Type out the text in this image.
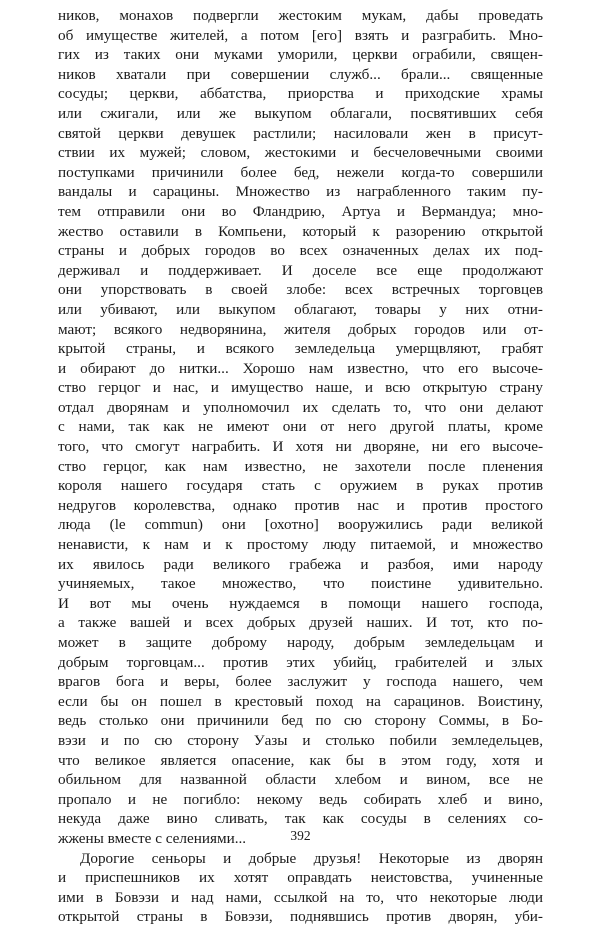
ников, монахов подвергли жестоким мукам, дабы проведать
об имуществе жителей, а потом [его] взять и разграбить. Мно-
гих из таких они муками уморили, церкви ограбили, священ-
ников хватали при совершении служб... брали... священные
сосуды; церкви, аббатства, приорства и приходские храмы
или сжигали, или же выкупом облагали, посвятивших себя
святой церкви девушек растлили; насиловали жен в присут-
ствии их мужей; словом, жестокими и бесчеловечными своими
поступками причинили более бед, нежели когда-то совершили
вандалы и сарацины. Множество из награбленного таким пу-
тем отправили они во Фландрию, Артуа и Вермандуа; мно-
жество оставили в Компьени, который к разорению открытой
страны и добрых городов во всех означенных делах их под-
держивал и поддерживает. И доселе все еще продолжают
они упорствовать в своей злобе: всех встречных торговцев
или убивают, или выкупом облагают, товары у них отни-
мают; всякого недворянина, жителя добрых городов или от-
крытой страны, и всякого земледельца умерщвляют, грабят
и обирают до нитки... Хорошо нам известно, что его высоче-
ство герцог и нас, и имущество наше, и всю открытую страну
отдал дворянам и уполномочил их сделать то, что они делают
с нами, так как не имеют они от него другой платы, кроме
того, что смогут награбить. И хотя ни дворяне, ни его высоче-
ство герцог, как нам известно, не захотели после пленения
короля нашего государя стать с оружием в руках против
недругов королевства, однако против нас и против простого
люда (le commun) они [охотно] вооружились ради великой
ненависти, к нам и к простому люду питаемой, и множество
их явилось ради великого грабежа и разбоя, ими народу
учиняемых, такое множество, что поистине удивительно.
И вот мы очень нуждаемся в помощи нашего господа,
а также вашей и всех добрых друзей наших. И тот, кто по-
может в защите доброму народу, добрым земледельцам и
добрым торговцам... против этих убийц, грабителей и злых
врагов бога и веры, более заслужит у господа нашего, чем
если бы он пошел в крестовый поход на сарацинов. Воистину,
ведь столько они причинили бед по сю сторону Соммы, в Бо-
вэзи и по сю сторону Уазы и столько побили земледельцев,
что великое является опасение, как бы в этом году, хотя и
обильном для названной области хлебом и вином, все не
пропало и не погибло: некому ведь собирать хлеб и вино,
некуда даже вино сливать, так как сосуды в селениях со-
жжены вместе с селениями...
Дорогие сеньоры и добрые друзья! Некоторые из дворян
и приспешников их хотят оправдать неистовства, учиненные
ими в Бовэзи и над нами, ссылкой на то, что некоторые люди
открытой страны в Бовэзи, поднявшись против дворян, уби-
392
